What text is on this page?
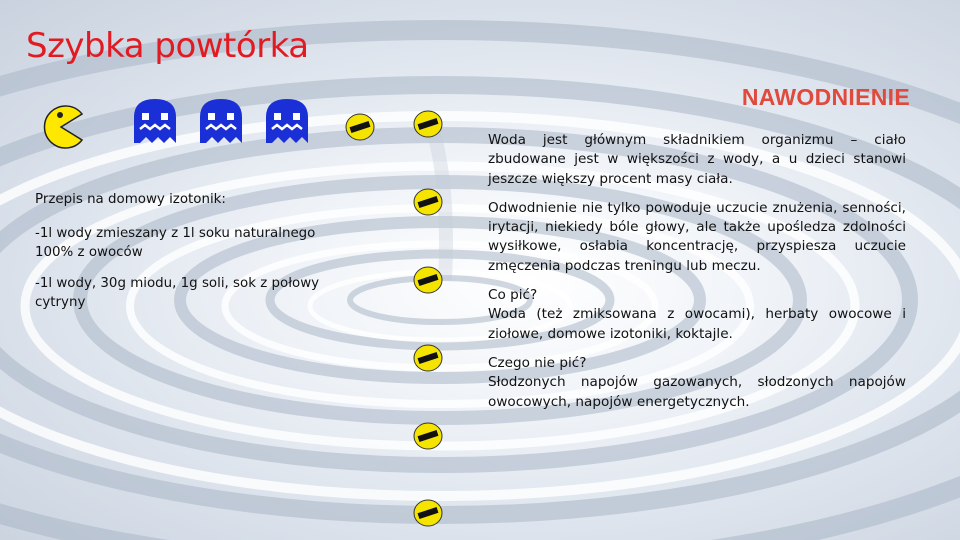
Szybka powtórka
NAWODNIENIE

Przepis na domowy izotonik:

-1l wody zmieszany z 1l soku naturalnego 100% z owoców

-1l wody, 30g miodu, 1g soli, sok z połowy cytryny

Woda jest głównym składnikiem organizmu – ciało zbudowane jest w większości z wody, a u dzieci stanowi jeszcze większy procent masy ciała.

Odwodnienie nie tylko powoduje uczucie znużenia, senności, irytacji, niekiedy bóle głowy, ale także upośledza zdolności wysiłkowe, osłabia koncentrację, przyspiesza uczucie zmęczenia podczas treningu lub meczu.

Co pić?

Woda (też zmiksowana z owocami), herbaty owocowe i ziołowe, domowe izotoniki, koktajle.

Czego nie pić?

Słodzonych napojów gazowanych, słodzonych napojów owocowych, napojów energetycznych.
